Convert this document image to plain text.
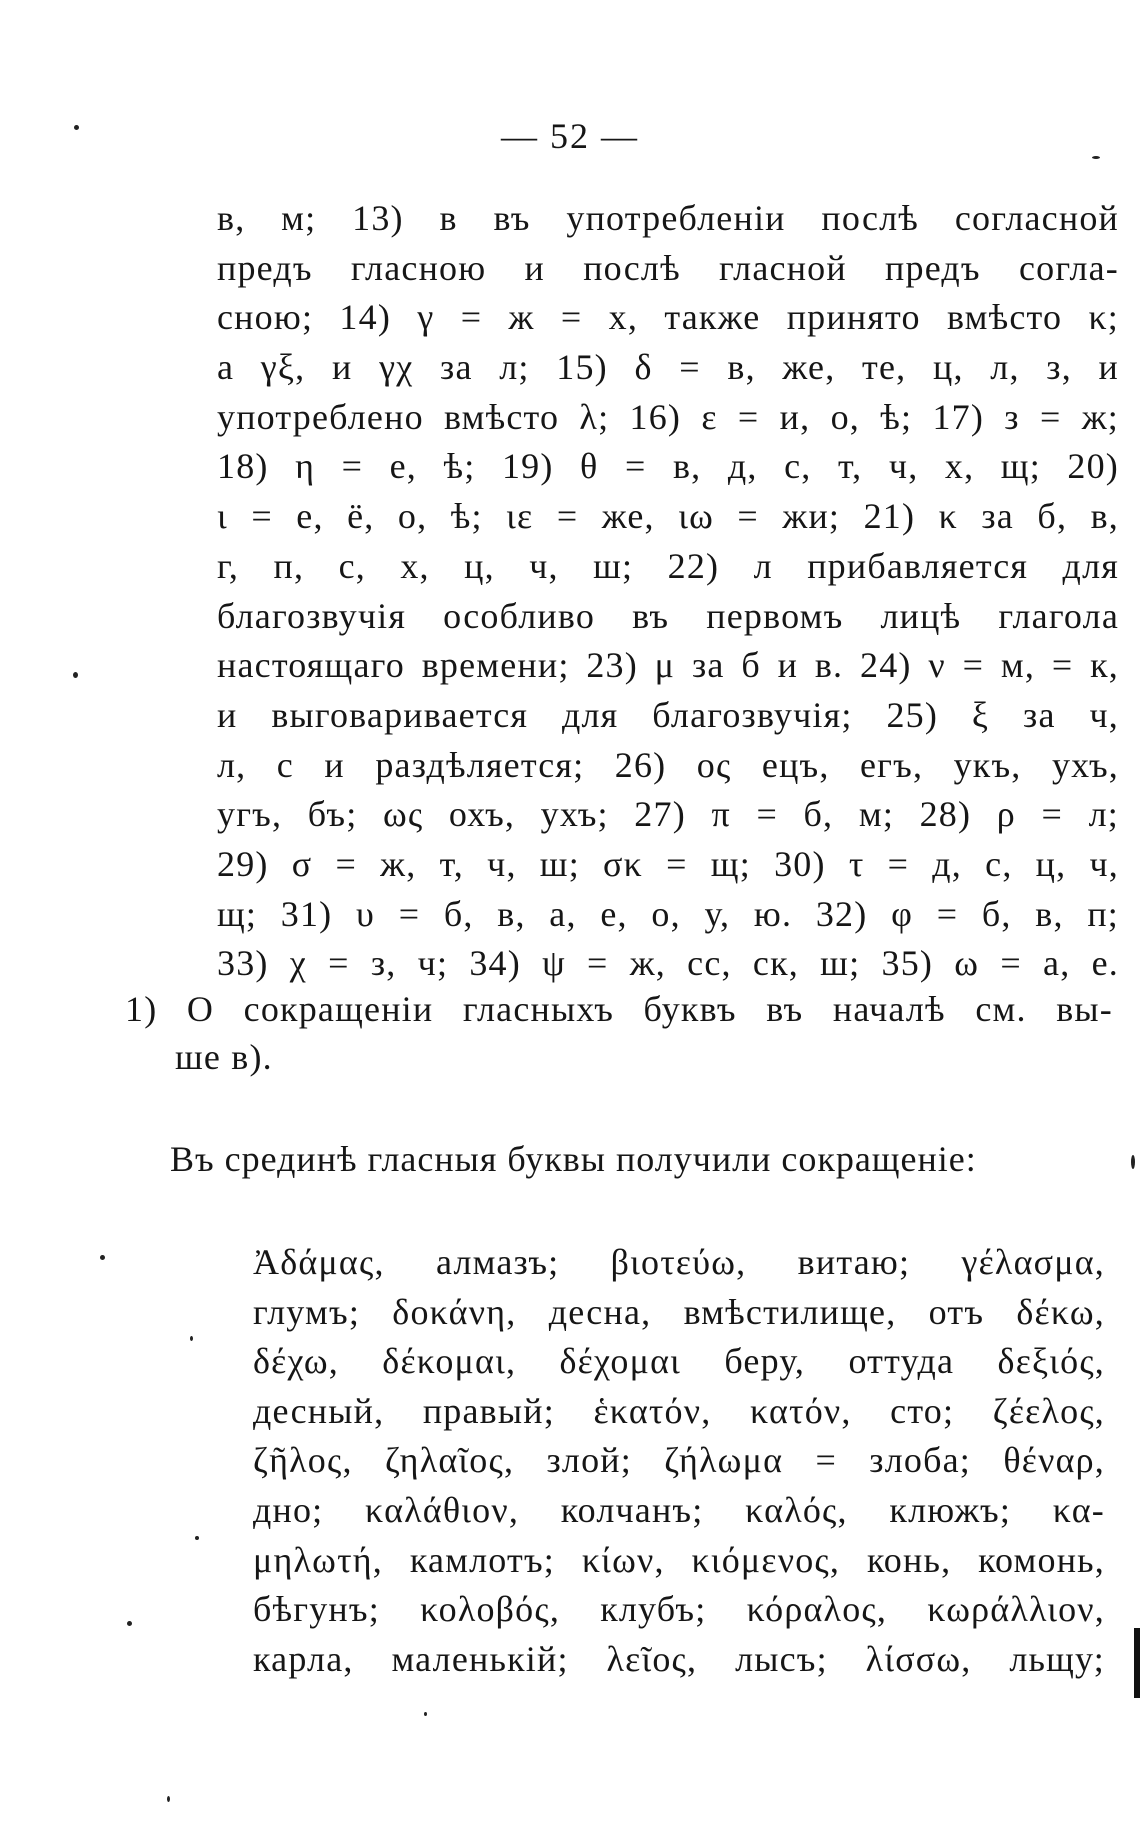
— 52 —
в, м; 13) в въ употребленіи послѣ согласной
предъ гласною и послѣ гласной предъ согла-
сною; 14) γ = ж = х, также принято вмѣсто κ;
а γξ, и γχ за л; 15) δ = в, же, те, ц, л, з, и
употреблено вмѣсто λ; 16) ε = и, о, ѣ; 17) з = ж;
18) η = е, ѣ; 19) θ = в, д, с, т, ч, х, щ; 20)
ι = е, ё, о, ѣ; ιε = же, ιω = жи; 21) κ за б, в,
г, п, с, х, ц, ч, ш; 22) л прибавляется для
благозвучія особливо въ первомъ лицѣ глагола
настоящаго времени; 23) μ за б и в. 24) ν = м, = к,
и выговаривается для благозвучія; 25) ξ за ч,
л, с и раздѣляется; 26) ος ецъ, егъ, укъ, ухъ,
угъ, бъ; ως охъ, ухъ; 27) π = б, м; 28) ρ = л;
29) σ = ж, т, ч, ш; σκ = щ; 30) τ = д, с, ц, ч,
щ; 31) υ = б, в, а, е, о, у, ю. 32) φ = б, в, п;
33) χ = з, ч; 34) ψ = ж, сс, ск, ш; 35) ω = а, е.
1) О сокращеніи гласныхъ буквъ въ началѣ см. вы-
ше в).
Въ срединѣ гласныя буквы получили сокращеніе:
Ἀδάμας, алмазъ; βιοτεύω, витаю; γέλασμα,
глумъ; δοκάνη, десна, вмѣстилище, отъ δέκω,
δέχω, δέκομαι, δέχομαι беру, оттуда δεξιός,
десный, правый; ἑκατόν, κατόν, сто; ζέελος,
ζῆλος, ζηλαῖος, злой; ζήλωμα = злоба; θέναρ,
дно; καλάθιον, колчанъ; καλός, клюжъ; κα-
μηλωτή, камлотъ; κίων, κιόμενος, конь, комонь,
бѣгунъ; κολοβός, клубъ; κόραλος, κωράλλιον,
карла, маленькій; λεῖος, лысъ; λίσσω, льщу;
